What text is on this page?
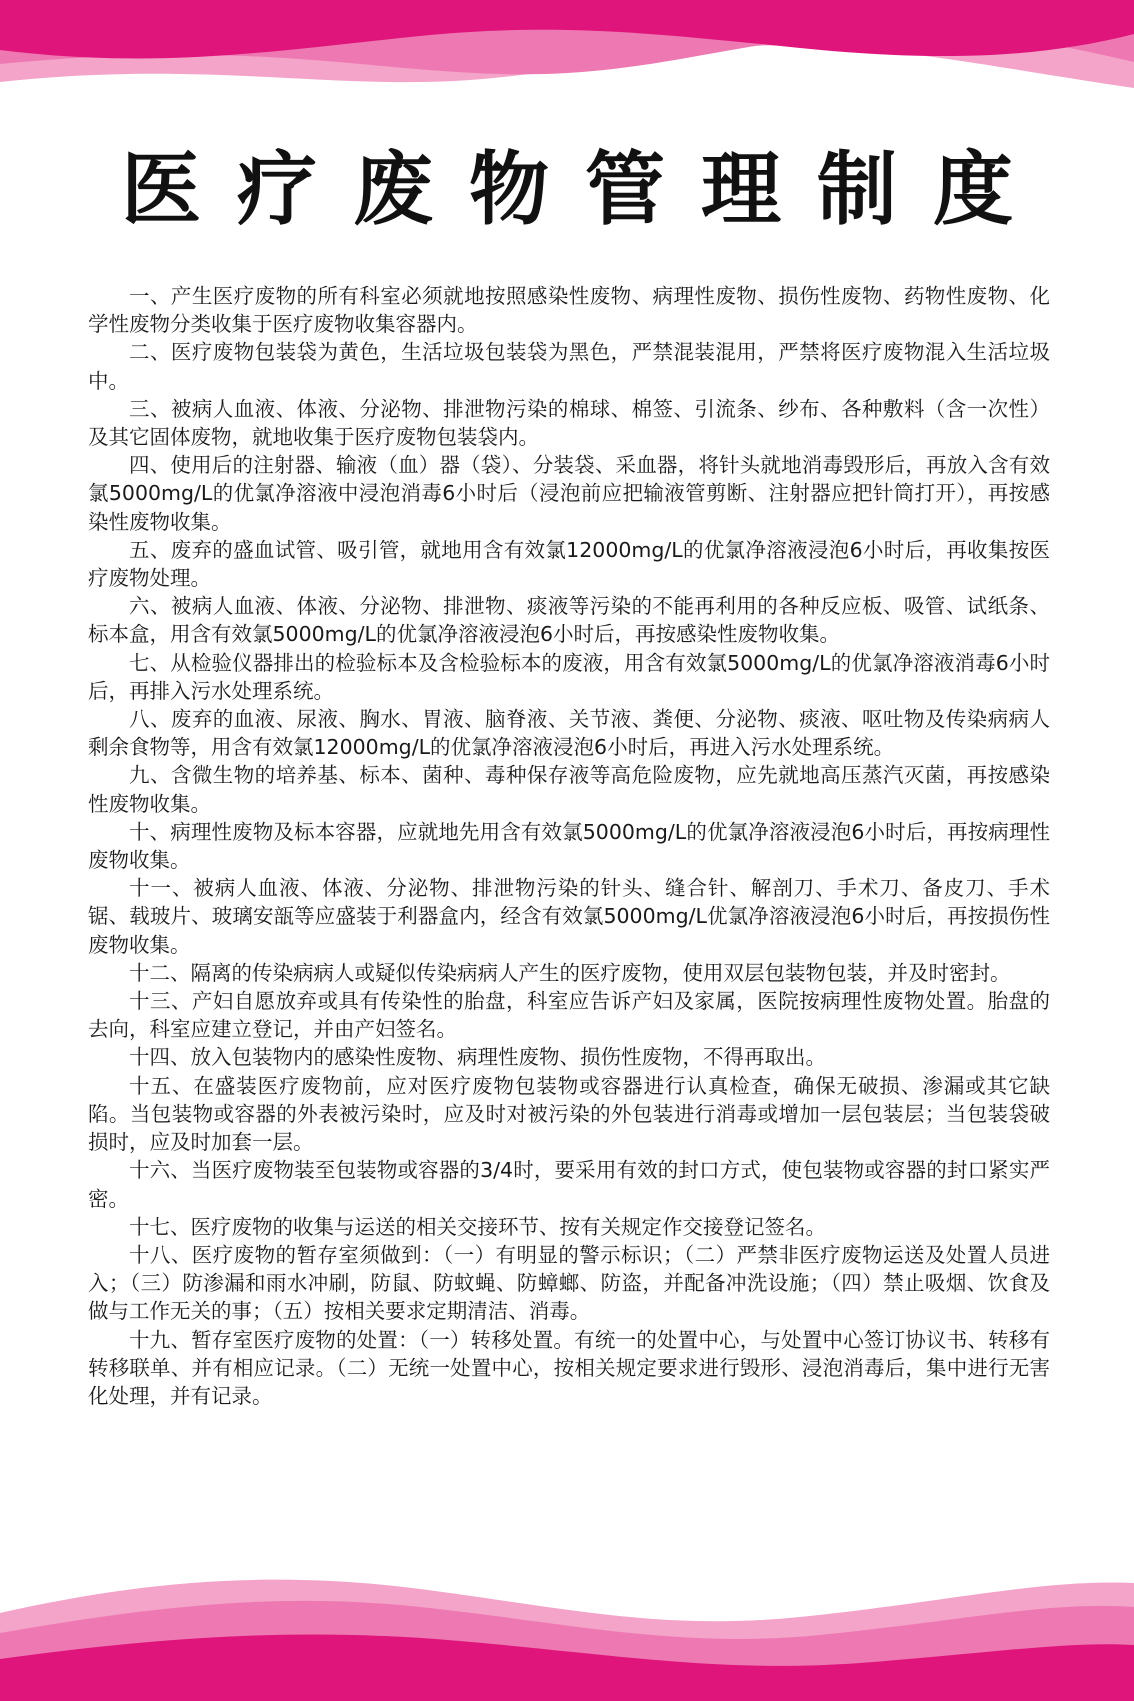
医疗废物管理制度

一、产生医疗废物的所有科室必须就地按照感染性废物、病理性废物、损伤性废物、药物性废物、化学性废物分类收集于医疗废物收集容器内。

二、医疗废物包装袋为黄色，生活垃圾包装袋为黑色，严禁混装混用，严禁将医疗废物混入生活垃圾中。

三、被病人血液、体液、分泌物、排泄物污染的棉球、棉签、引流条、纱布、各种敷料（含一次性）及其它固体废物，就地收集于医疗废物包装袋内。

四、使用后的注射器、输液（血）器（袋）、分装袋、采血器，将针头就地消毒毁形后，再放入含有效氯5000mg/L的优氯净溶液中浸泡消毒6小时后（浸泡前应把输液管剪断、注射器应把针筒打开），再按感染性废物收集。

五、废弃的盛血试管、吸引管，就地用含有效氯12000mg/L的优氯净溶液浸泡6小时后，再收集按医疗废物处理。

六、被病人血液、体液、分泌物、排泄物、痰液等污染的不能再利用的各种反应板、吸管、试纸条、标本盒，用含有效氯5000mg/L的优氯净溶液浸泡6小时后，再按感染性废物收集。

七、从检验仪器排出的检验标本及含检验标本的废液，用含有效氯5000mg/L的优氯净溶液消毒6小时后，再排入污水处理系统。

八、废弃的血液、尿液、胸水、胃液、脑脊液、关节液、粪便、分泌物、痰液、呕吐物及传染病病人剩余食物等，用含有效氯12000mg/L的优氯净溶液浸泡6小时后，再进入污水处理系统。

九、含微生物的培养基、标本、菌种、毒种保存液等高危险废物，应先就地高压蒸汽灭菌，再按感染性废物收集。

十、病理性废物及标本容器，应就地先用含有效氯5000mg/L的优氯净溶液浸泡6小时后，再按病理性废物收集。

十一、被病人血液、体液、分泌物、排泄物污染的针头、缝合针、解剖刀、手术刀、备皮刀、手术锯、载玻片、玻璃安瓿等应盛装于利器盒内，经含有效氯5000mg/L优氯净溶液浸泡6小时后，再按损伤性废物收集。

十二、隔离的传染病病人或疑似传染病病人产生的医疗废物，使用双层包装物包装，并及时密封。

十三、产妇自愿放弃或具有传染性的胎盘，科室应告诉产妇及家属，医院按病理性废物处置。胎盘的去向，科室应建立登记，并由产妇签名。

十四、放入包装物内的感染性废物、病理性废物、损伤性废物，不得再取出。

十五、在盛装医疗废物前，应对医疗废物包装物或容器进行认真检查，确保无破损、渗漏或其它缺陷。当包装物或容器的外表被污染时，应及时对被污染的外包装进行消毒或增加一层包装层；当包装袋破损时，应及时加套一层。

十六、当医疗废物装至包装物或容器的3/4时，要采用有效的封口方式，使包装物或容器的封口紧实严密。

十七、医疗废物的收集与运送的相关交接环节、按有关规定作交接登记签名。

十八、医疗废物的暂存室须做到：（一）有明显的警示标识；（二）严禁非医疗废物运送及处置人员进入；（三）防渗漏和雨水冲刷，防鼠、防蚊蝇、防蟑螂、防盗，并配备冲洗设施；（四）禁止吸烟、饮食及做与工作无关的事；（五）按相关要求定期清洁、消毒。

十九、暂存室医疗废物的处置：（一）转移处置。有统一的处置中心，与处置中心签订协议书、转移有转移联单、并有相应记录。（二）无统一处置中心，按相关规定要求进行毁形、浸泡消毒后，集中进行无害化处理，并有记录。
